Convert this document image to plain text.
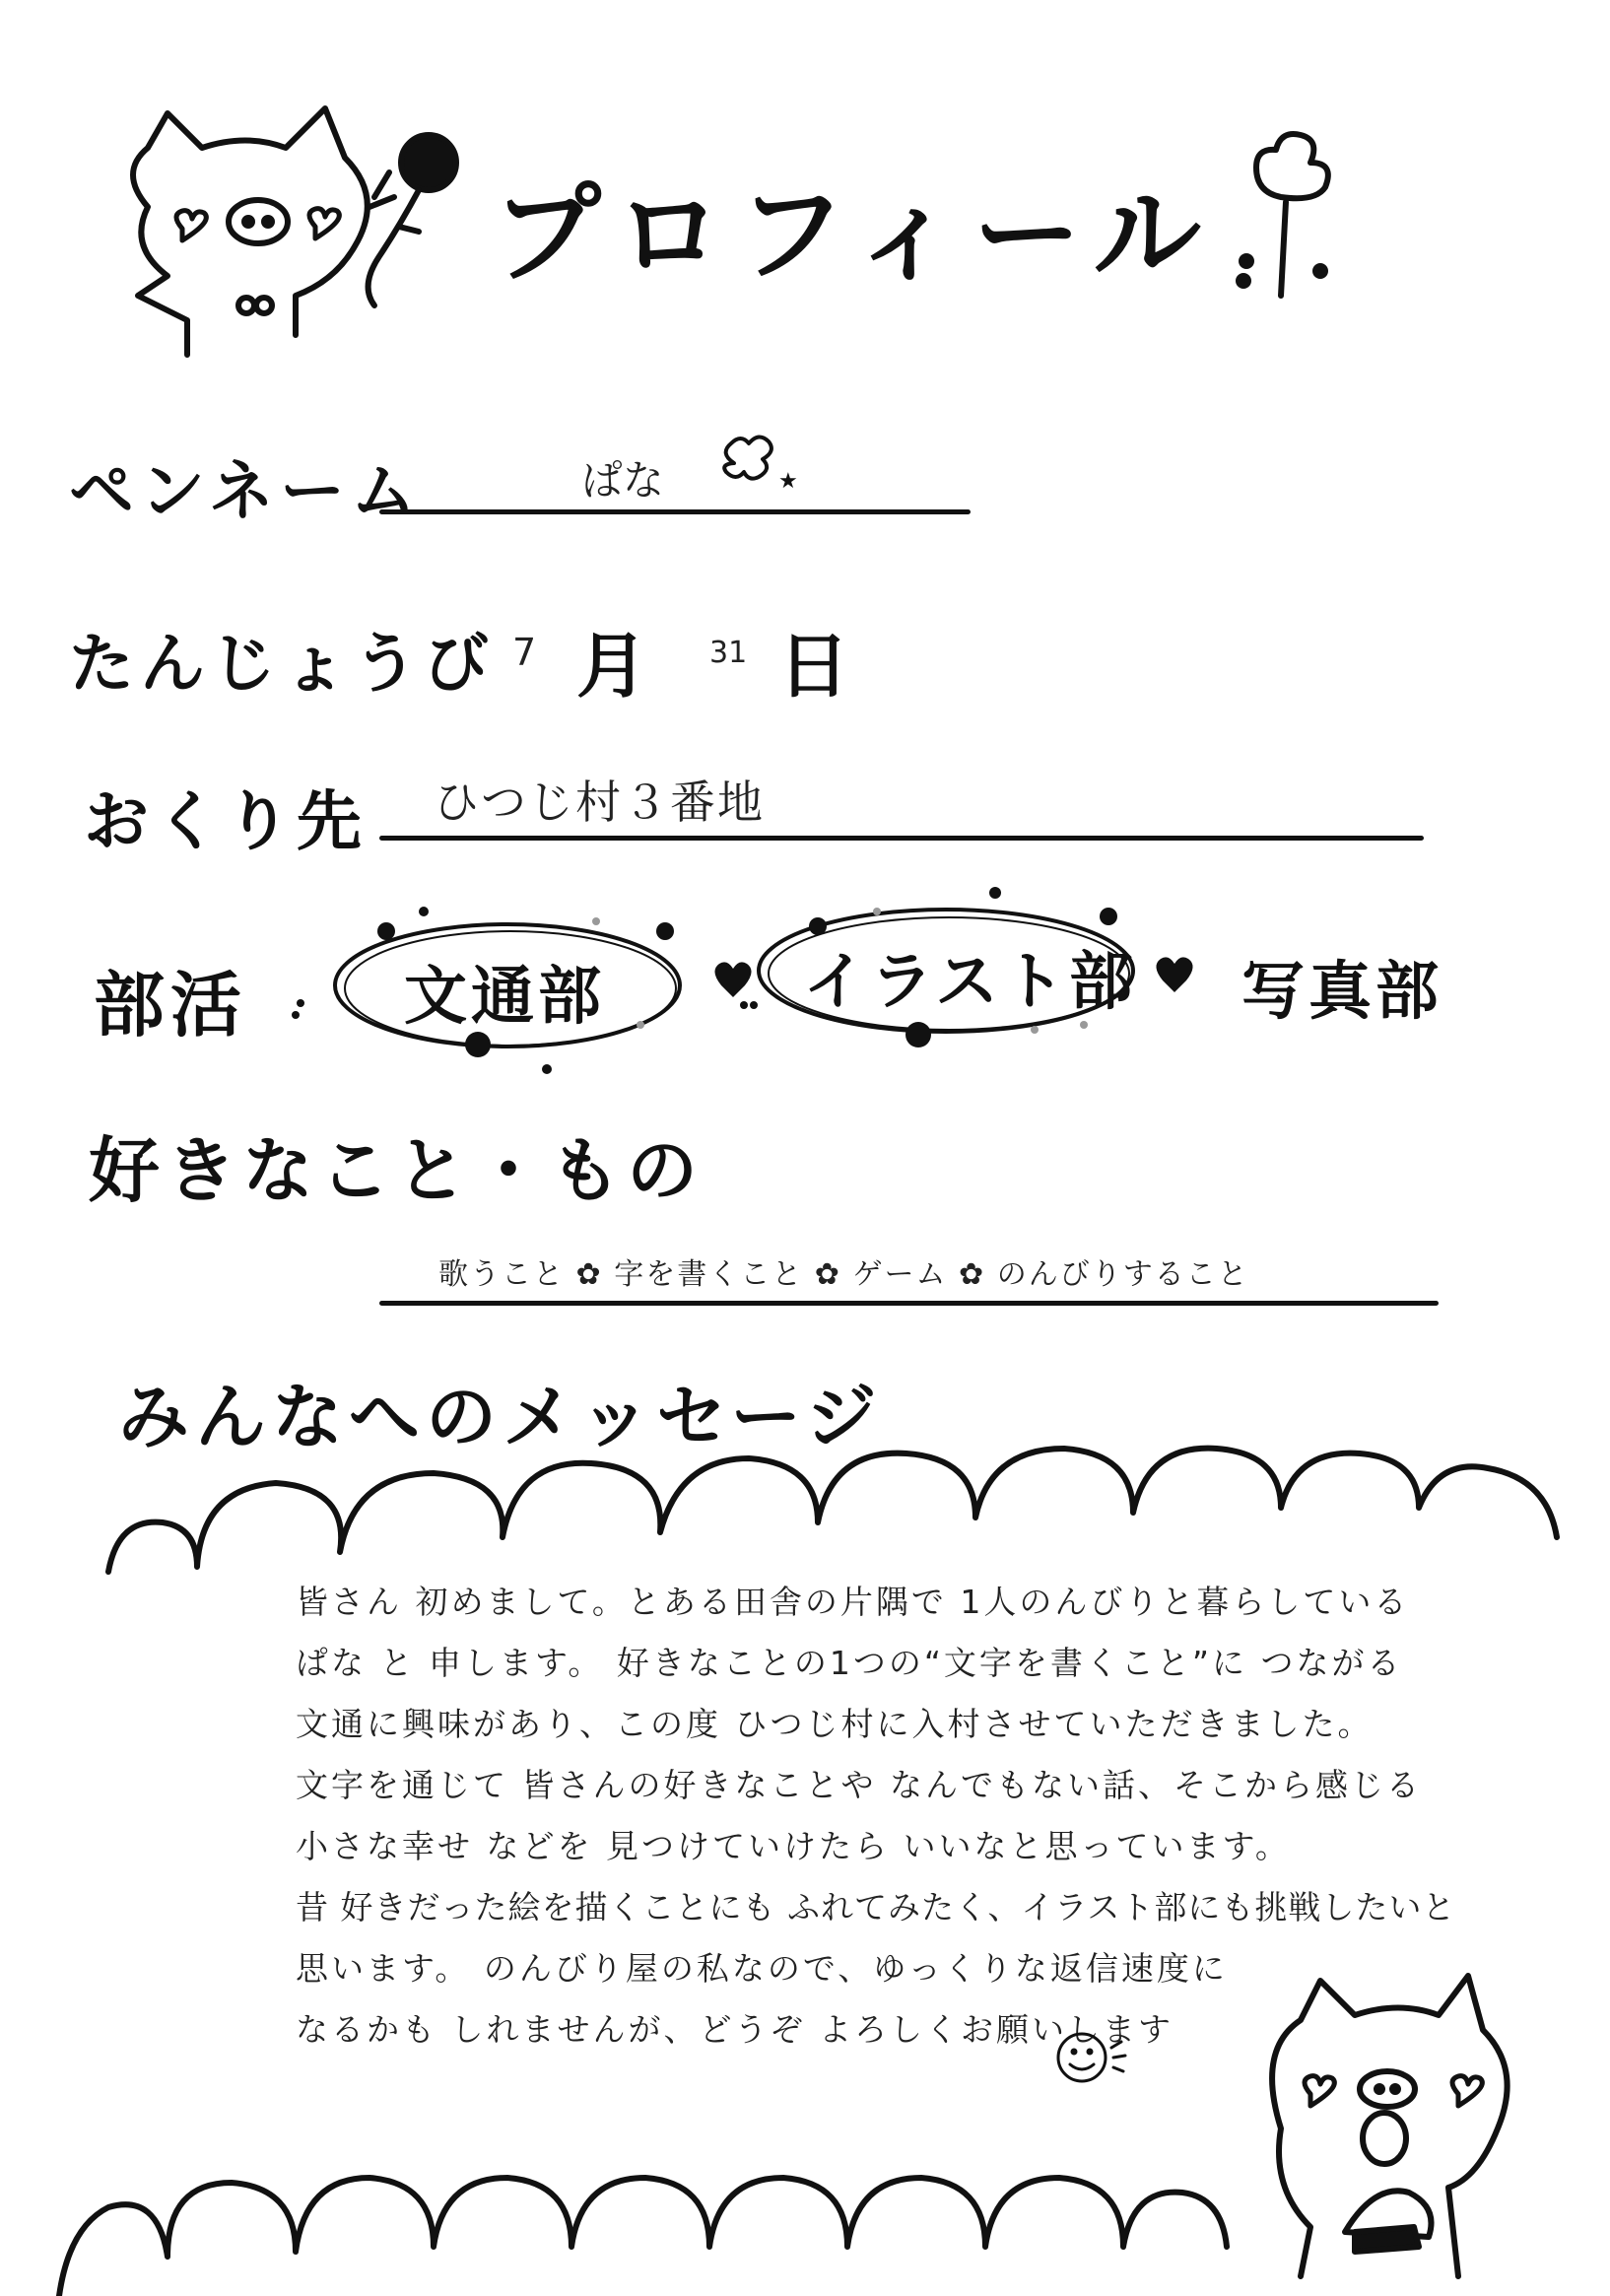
プロフィール
ペンネーム	ぱな	★
たんじょうび 7 月 31 日
おくり先 ひつじ村３番地
部活 文通部	イラスト部 写真部
好きなこと・もの
歌うこと ✿ 字を書くこと ✿ ゲーム ✿ のんびりすること
みんなへのメッセージ
皆さん 初めまして。とある田舎の片隅で 1人のんびりと暮らしている
ぱな と 申します。 好きなことの1つの“文字を書くこと”に つながる
文通に興味があり、この度 ひつじ村に入村させていただきました。
文字を通じて 皆さんの好きなことや なんでもない話、そこから感じる
小さな幸せ などを 見つけていけたら いいなと思っています。
昔 好きだった絵を描くことにも ふれてみたく、イラスト部にも挑戦したいと
思います。 のんびり屋の私なので、ゆっくりな返信速度に
なるかも しれませんが、どうぞ よろしくお願いします
